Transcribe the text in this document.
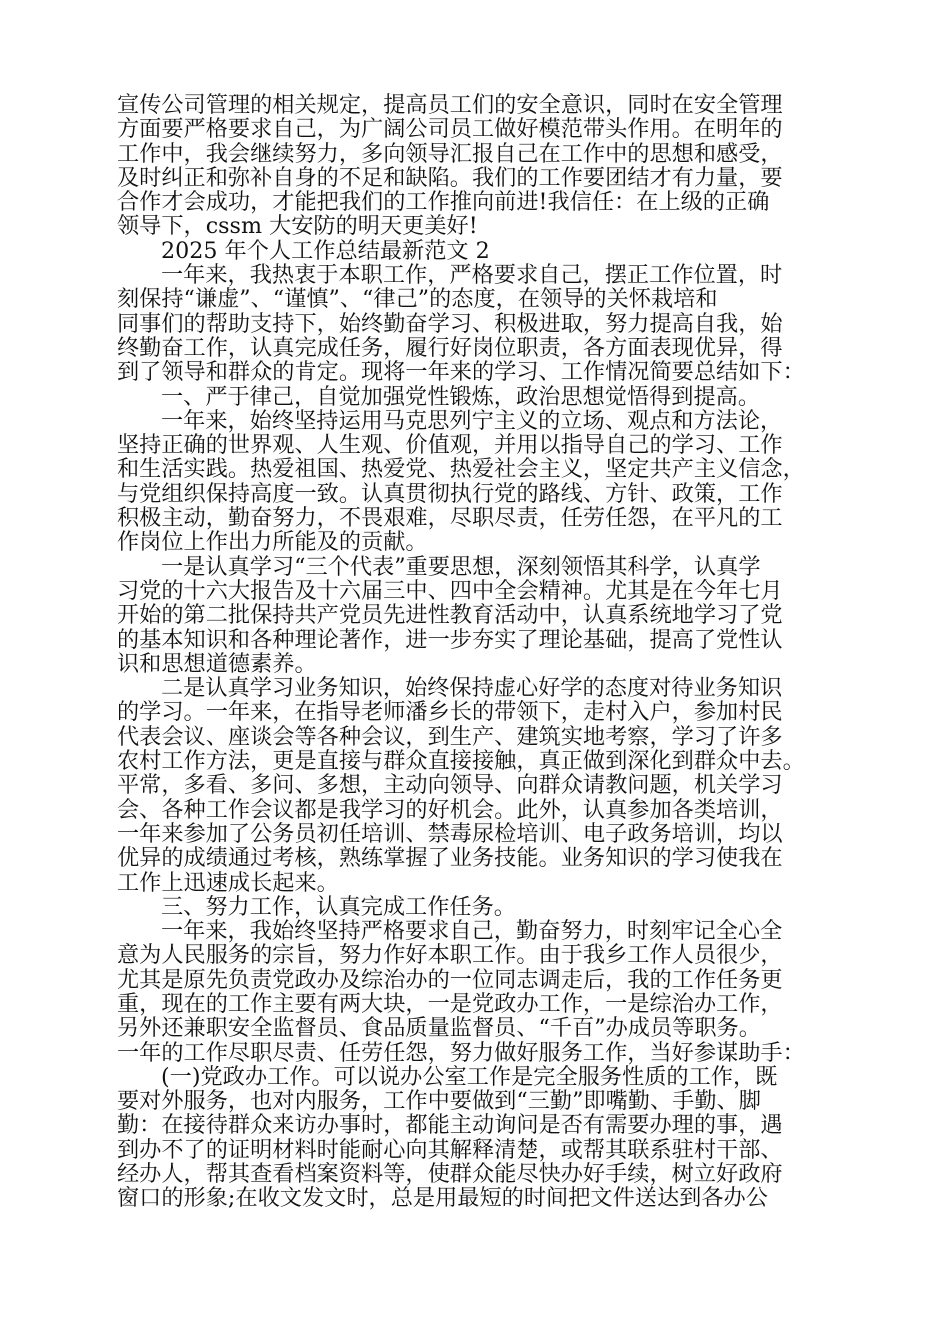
宣传公司管理的相关规定，提高员工们的安全意识，同时在安全管理
方面要严格要求自己，为广阔公司员工做好模范带头作用。在明年的
工作中，我会继续努力，多向领导汇报自己在工作中的思想和感受，
及时纠正和弥补自身的不足和缺陷。我们的工作要团结才有力量，要
合作才会成功，才能把我们的工作推向前进!我信任：在上级的正确
领导下，cssm 大安防的明天更美好!
2025 年个人工作总结最新范文 2
一年来，我热衷于本职工作，严格要求自己，摆正工作位置，时
刻保持“谦虚”、“谨慎”、“律己”的态度，在领导的关怀栽培和
同事们的帮助支持下，始终勤奋学习、积极进取，努力提高自我，始
终勤奋工作，认真完成任务，履行好岗位职责，各方面表现优异，得
到了领导和群众的肯定。现将一年来的学习、工作情况简要总结如下：
一、严于律己，自觉加强党性锻炼，政治思想觉悟得到提高。
一年来，始终坚持运用马克思列宁主义的立场、观点和方法论，
坚持正确的世界观、人生观、价值观，并用以指导自己的学习、工作
和生活实践。热爱祖国、热爱党、热爱社会主义，坚定共产主义信念，
与党组织保持高度一致。认真贯彻执行党的路线、方针、政策，工作
积极主动，勤奋努力，不畏艰难，尽职尽责，任劳任怨，在平凡的工
作岗位上作出力所能及的贡献。
一是认真学习“三个代表”重要思想，深刻领悟其科学，认真学
习党的十六大报告及十六届三中、四中全会精神。尤其是在今年七月
开始的第二批保持共产党员先进性教育活动中，认真系统地学习了党
的基本知识和各种理论著作，进一步夯实了理论基础，提高了党性认
识和思想道德素养。
二是认真学习业务知识，始终保持虚心好学的态度对待业务知识
的学习。一年来，在指导老师潘乡长的带领下，走村入户，参加村民
代表会议、座谈会等各种会议，到生产、建筑实地考察，学习了许多
农村工作方法，更是直接与群众直接接触，真正做到深化到群众中去。
平常，多看、多问、多想，主动向领导、向群众请教问题，机关学习
会、各种工作会议都是我学习的好机会。此外，认真参加各类培训，
一年来参加了公务员初任培训、禁毒尿检培训、电子政务培训，均以
优异的成绩通过考核，熟练掌握了业务技能。业务知识的学习使我在
工作上迅速成长起来。
三、努力工作，认真完成工作任务。
一年来，我始终坚持严格要求自己，勤奋努力，时刻牢记全心全
意为人民服务的宗旨，努力作好本职工作。由于我乡工作人员很少，
尤其是原先负责党政办及综治办的一位同志调走后，我的工作任务更
重，现在的工作主要有两大块，一是党政办工作，一是综治办工作，
另外还兼职安全监督员、食品质量监督员、“千百”办成员等职务。
一年的工作尽职尽责、任劳任怨，努力做好服务工作，当好参谋助手：
(一)党政办工作。可以说办公室工作是完全服务性质的工作，既
要对外服务，也对内服务，工作中要做到“三勤”即嘴勤、手勤、脚
勤：在接待群众来访办事时，都能主动询问是否有需要办理的事，遇
到办不了的证明材料时能耐心向其解释清楚，或帮其联系驻村干部、
经办人，帮其查看档案资料等，使群众能尽快办好手续，树立好政府
窗口的形象;在收文发文时，总是用最短的时间把文件送达到各办公
